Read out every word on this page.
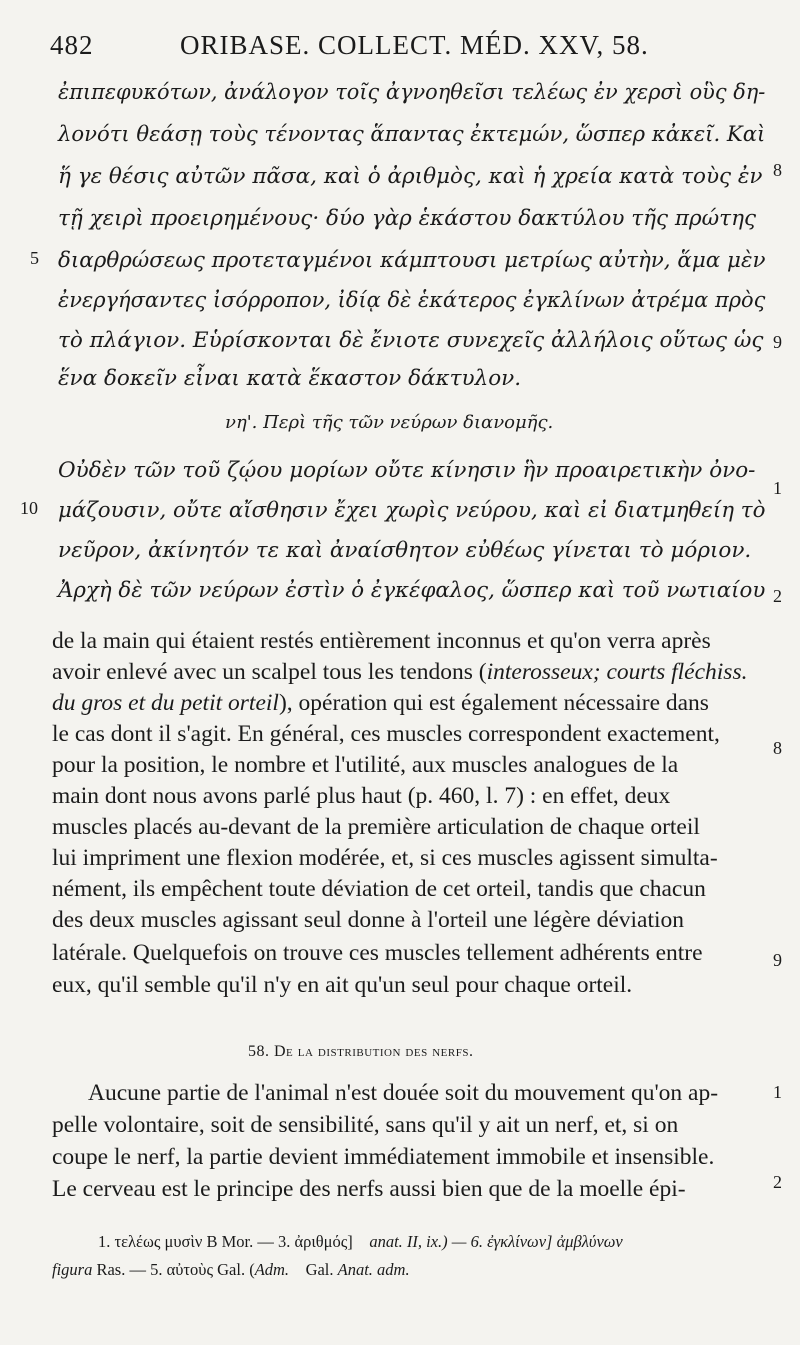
482	ORIBASE. COLLECT. MÉD. XXV, 58.
ἐπιπεφυκότων, ἀνάλογον τοῖς ἀγνοηθεῖσι τελέως ἐν χερσὶ οὓς δη-
λονότι θεάσῃ τοὺς τένοντας ἅπαντας ἐκτεμών, ὥσπερ κἀκεῖ. Καὶ
ἥ γε θέσις αὐτῶν πᾶσα, καὶ ὁ ἀριθμὸς, καὶ ἡ χρεία κατὰ τοὺς ἐν
τῇ χειρὶ προειρημένους· δύο γὰρ ἑκάστου δακτύλου τῆς πρώτης
διαρθρώσεως προτεταγμένοι κάμπτουσι μετρίως αὐτὴν, ἅμα μὲν
ἐνεργήσαντες ἰσόρροπον, ἰδίᾳ δὲ ἑκάτερος ἐγκλίνων ἀτρέμα πρὸς
τὸ πλάγιον. Εὑρίσκονται δὲ ἔνιοτε συνεχεῖς ἀλλήλοις οὕτως ὡς
ἕνα δοκεῖν εἶναι κατὰ ἕκαστον δάκτυλον.
νη'. Περὶ τῆς τῶν νεύρων διανομῆς.
Οὐδὲν τῶν τοῦ ζῴου μορίων οὔτε κίνησιν ἣν προαιρετικὴν ὀνο-
μάζουσιν, οὔτε αἴσθησιν ἔχει χωρὶς νεύρου, καὶ εἰ διατμηθείη τὸ
νεῦρον, ἀκίνητόν τε καὶ ἀναίσθητον εὐθέως γίνεται τὸ μόριον.
Ἀρχὴ δὲ τῶν νεύρων ἐστὶν ὁ ἐγκέφαλος, ὥσπερ καὶ τοῦ νωτιαίου
de la main qui étaient restés entièrement inconnus et qu'on verra après
avoir enlevé avec un scalpel tous les tendons (interosseux; courts fléchiss.
du gros et du petit orteil), opération qui est également nécessaire dans
le cas dont il s'agit. En général, ces muscles correspondent exactement,
pour la position, le nombre et l'utilité, aux muscles analogues de la
main dont nous avons parlé plus haut (p. 460, l. 7) : en effet, deux
muscles placés au-devant de la première articulation de chaque orteil
lui impriment une flexion modérée, et, si ces muscles agissent simulta-
nément, ils empêchent toute déviation de cet orteil, tandis que chacun
des deux muscles agissant seul donne à l'orteil une légère déviation
latérale. Quelquefois on trouve ces muscles tellement adhérents entre
eux, qu'il semble qu'il n'y en ait qu'un seul pour chaque orteil.
58. De la distribution des nerfs.
Aucune partie de l'animal n'est douée soit du mouvement qu'on ap-
pelle volontaire, soit de sensibilité, sans qu'il y ait un nerf, et, si on
coupe le nerf, la partie devient immédiatement immobile et insensible.
Le cerveau est le principe des nerfs aussi bien que de la moelle épi-
1. τελέως μυσὶν B Mor. — 3. ἀριθμός] anat. II, ix.) — 6. ἐγκλίνων] ἀμβλύνων
figura Ras. — 5. αὐτοὺς Gal. (Adm. Gal. Anat. adm.
5
10
8
9
1
2
8
9
1
2
